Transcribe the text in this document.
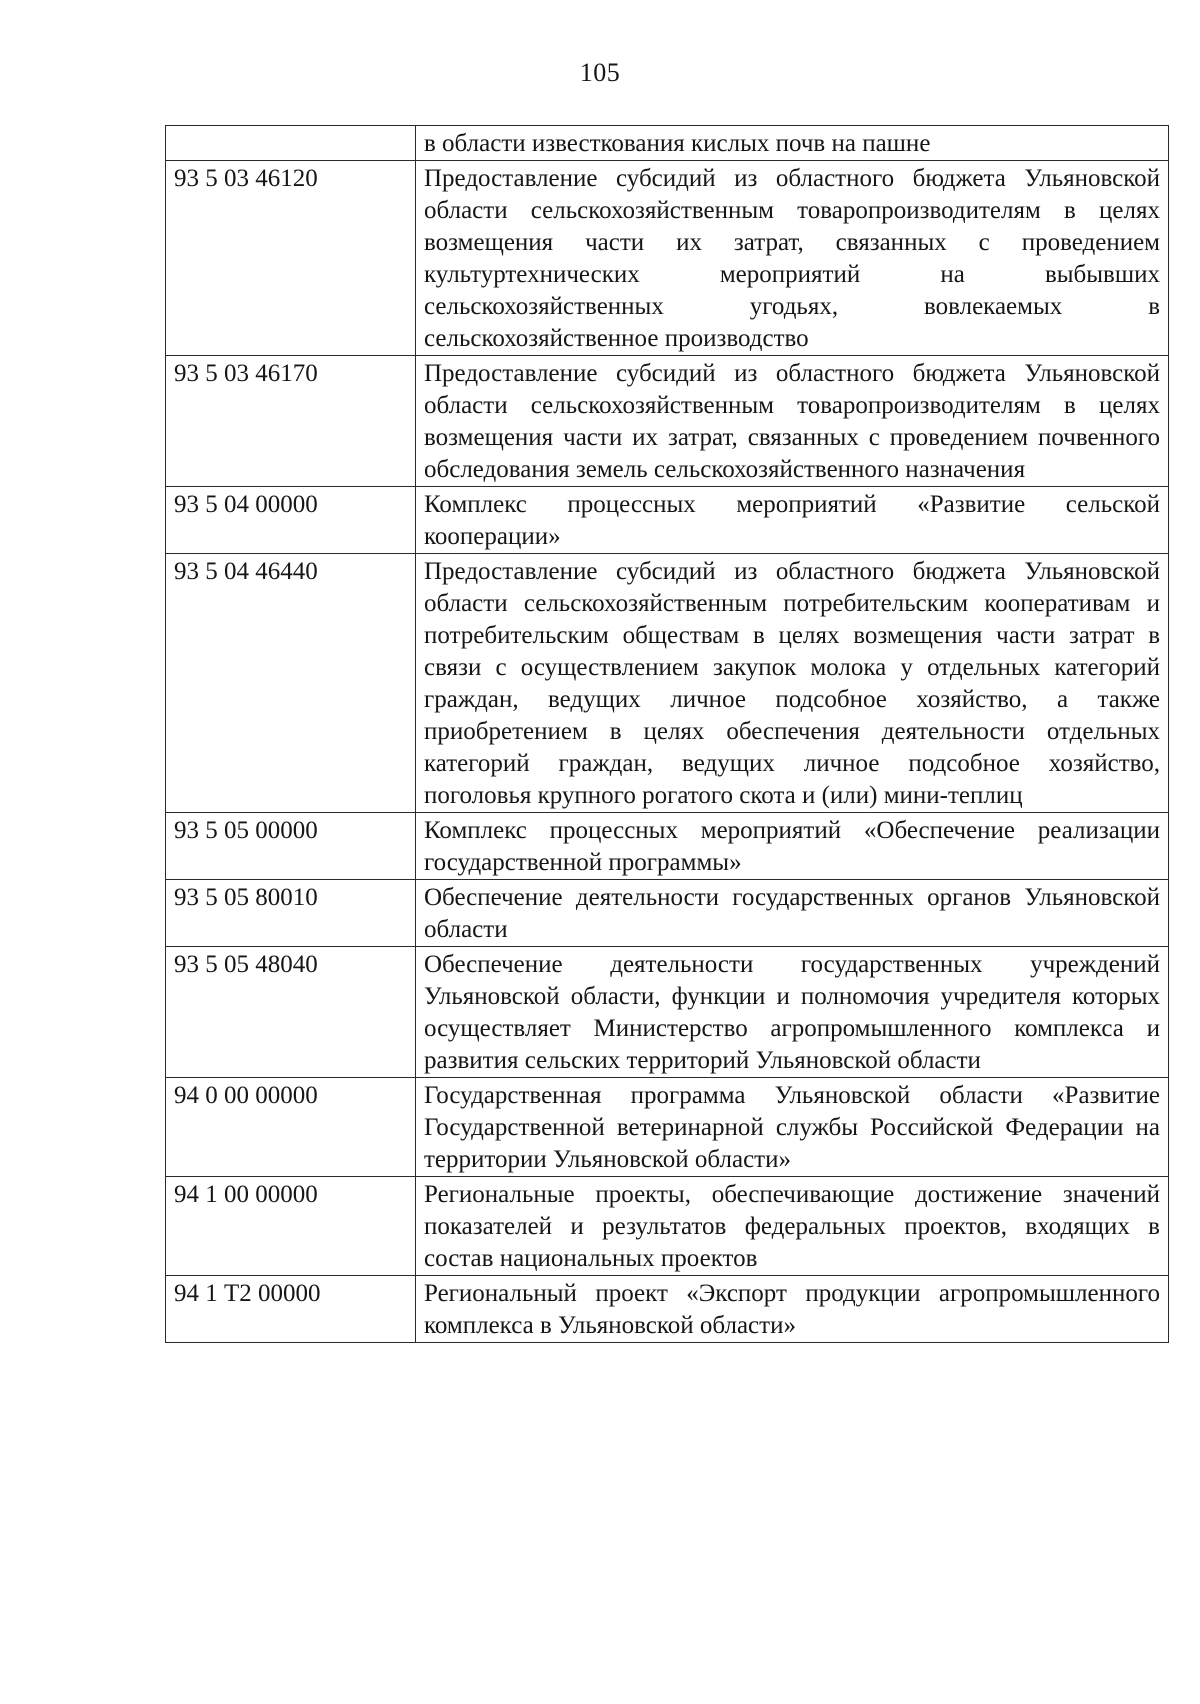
105
	в области известкования кислых почв на пашне
93 5 03 46120	Предоставление субсидий из областного бюджета Ульяновской области сельскохозяйственным товаропроизводителям в целях возмещения части их затрат, связанных с проведением культуртехнических мероприятий на выбывших сельскохозяйственных угодьях, вовлекаемых в сельскохозяйственное производство
93 5 03 46170	Предоставление субсидий из областного бюджета Ульяновской области сельскохозяйственным товаропроизводителям в целях возмещения части их затрат, связанных с проведением почвенного обследования земель сельскохозяйственного назначения
93 5 04 00000	Комплекс процессных мероприятий «Развитие сельской кооперации»
93 5 04 46440	Предоставление субсидий из областного бюджета Ульяновской области сельскохозяйственным потребительским кооперативам и потребительским обществам в целях возмещения части затрат в связи с осуществлением закупок молока у отдельных категорий граждан, ведущих личное подсобное хозяйство, а также приобретением в целях обеспечения деятельности отдельных категорий граждан, ведущих личное подсобное хозяйство, поголовья крупного рогатого скота и (или) мини-теплиц
93 5 05 00000	Комплекс процессных мероприятий «Обеспечение реализации государственной программы»
93 5 05 80010	Обеспечение деятельности государственных органов Ульяновской области
93 5 05 48040	Обеспечение деятельности государственных учреждений Ульяновской области, функции и полномочия учредителя которых осуществляет Министерство агропромышленного комплекса и развития сельских территорий Ульяновской области
94 0 00 00000	Государственная программа Ульяновской области «Развитие Государственной ветеринарной службы Российской Федерации на территории Ульяновской области»
94 1 00 00000	Региональные проекты, обеспечивающие достижение значений показателей и результатов федеральных проектов, входящих в состав национальных проектов
94 1 Т2 00000	Региональный проект «Экспорт продукции агропромышленного комплекса в Ульяновской области»
